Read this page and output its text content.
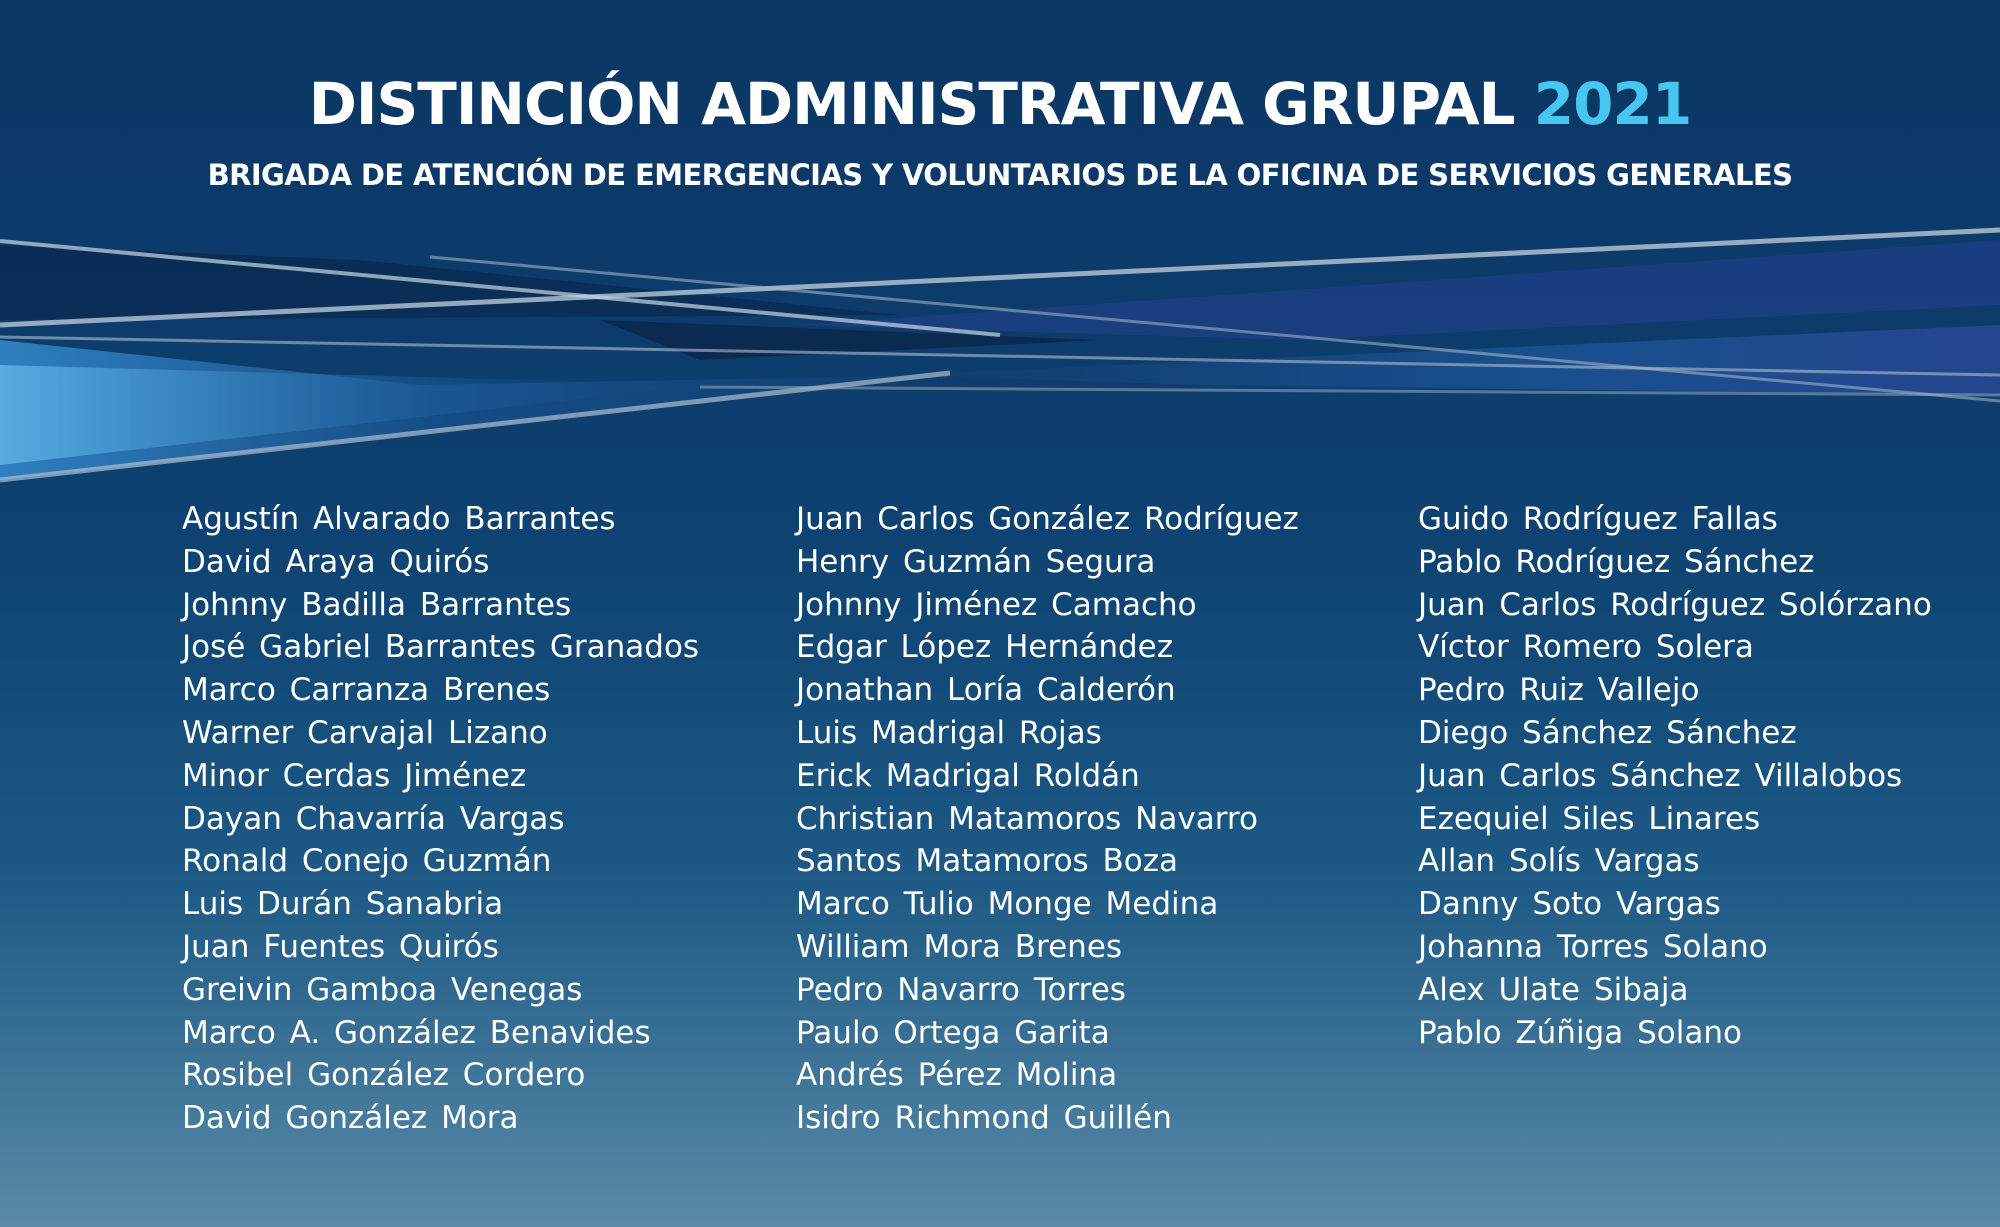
DISTINCIÓN ADMINISTRATIVA GRUPAL 2021
BRIGADA DE ATENCIÓN DE EMERGENCIAS Y VOLUNTARIOS DE LA OFICINA DE SERVICIOS GENERALES
Agustín Alvarado Barrantes
David Araya Quirós
Johnny Badilla Barrantes
José Gabriel Barrantes Granados
Marco Carranza Brenes
Warner Carvajal Lizano
Minor Cerdas Jiménez
Dayan Chavarría Vargas
Ronald Conejo Guzmán
Luis Durán Sanabria
Juan Fuentes Quirós
Greivin Gamboa Venegas
Marco A. González Benavides
Rosibel González Cordero
David González Mora
Juan Carlos González Rodríguez
Henry Guzmán Segura
Johnny Jiménez Camacho
Edgar López Hernández
Jonathan Loría Calderón
Luis Madrigal Rojas
Erick Madrigal Roldán
Christian Matamoros Navarro
Santos Matamoros Boza
Marco Tulio Monge Medina
William Mora Brenes
Pedro Navarro Torres
Paulo Ortega Garita
Andrés Pérez Molina
Isidro Richmond Guillén
Guido Rodríguez Fallas
Pablo Rodríguez Sánchez
Juan Carlos Rodríguez Solórzano
Víctor Romero Solera
Pedro Ruiz Vallejo
Diego Sánchez Sánchez
Juan Carlos Sánchez Villalobos
Ezequiel Siles Linares
Allan Solís Vargas
Danny Soto Vargas
Johanna Torres Solano
Alex Ulate Sibaja
Pablo Zúñiga Solano
